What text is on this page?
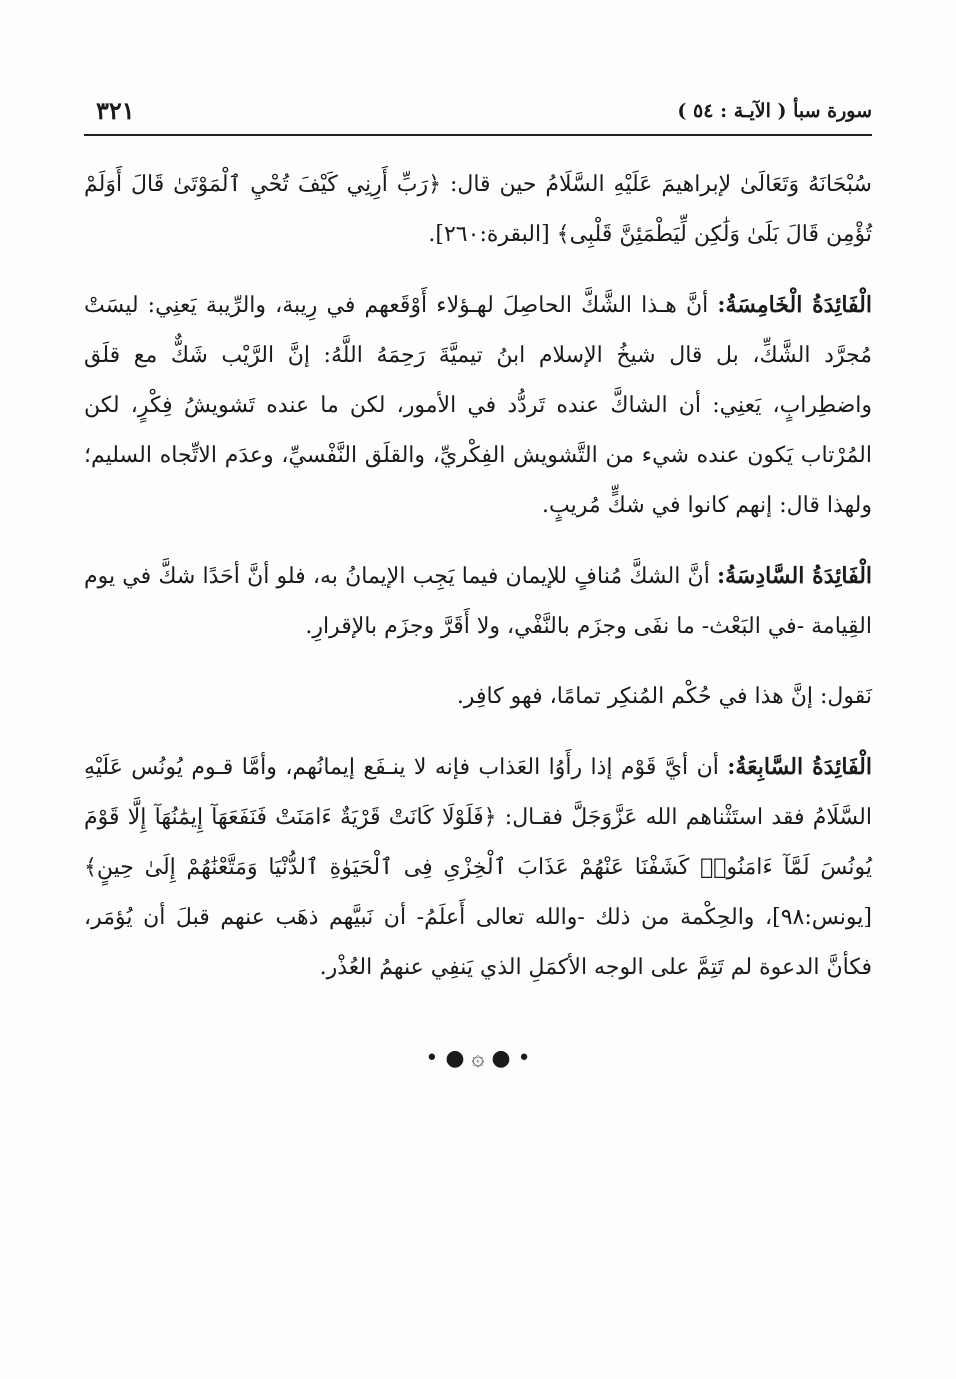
سورة سبأ ( الآيـة : ٥٤ )
٣٢١

سُبْحَانَهُ وَتَعَالَىٰ لإبراهيمَ عَلَيْهِ السَّلَامُ حين قال: ﴿رَبِّ أَرِنِي كَيْفَ تُحْيِ ٱلْمَوْتَىٰ قَالَ أَوَلَمْ تُؤْمِن قَالَ بَلَىٰ وَلَٰكِن لِّيَطْمَئِنَّ قَلْبِى﴾ [البقرة:٢٦٠].

الْفَائِدَةُ الْخَامِسَةُ: أنَّ هـذا الشَّكَّ الحاصِلَ لهـؤلاء أَوْقَعهم في رِيبة، والرِّيبة يَعنِي: ليسَتْ مُجرَّد الشَّكِّ، بل قال شيخُ الإسلام ابنُ تيميَّةَ رَحِمَهُ اللَّهُ: إنَّ الرَّيْب شَكٌّ مع قلَق واضطِرابٍ، يَعنِي: أن الشاكَّ عنده تَردُّد في الأمور، لكن ما عنده تَشويشُ فِكْرٍ، لكن المُرْتاب يَكون عنده شيء من التَّشويش الفِكْريِّ، والقلَق النَّفْسيِّ، وعدَم الاتِّجاه السليم؛ ولهذا قال: إنهم كانوا في شكٍّ مُريبٍ.

الْفَائِدَةُ السَّادِسَةُ: أنَّ الشكَّ مُنافٍ للإيمان فيما يَجِب الإيمانُ به، فلو أنَّ أحَدًا شكَّ في يوم القِيامة -في البَعْث- ما نفَى وجزَم بالنَّفْي، ولا أَقَرَّ وجزَم بالإقرارِ.

نَقول: إنَّ هذا في حُكْم المُنكِر تمامًا، فهو كافِر.

الْفَائِدَةُ السَّابِعَةُ: أن أيَّ قَوْم إذا رأَوُا العَذاب فإنه لا ينـفَع إيمانُهم، وأمَّا قـوم يُونُس عَلَيْهِ السَّلَامُ فقد استَثْناهم الله عَزَّوَجَلَّ فقـال: ﴿فَلَوْلَا كَانَتْ قَرْيَةٌ ءَامَنَتْ فَنَفَعَهَآ إِيمَٰنُهَآ إِلَّا قَوْمَ يُونُسَ لَمَّآ ءَامَنُوا۟ كَشَفْنَا عَنْهُمْ عَذَابَ ٱلْخِزْىِ فِى ٱلْحَيَوٰةِ ٱلدُّنْيَا وَمَتَّعْنَٰهُمْ إِلَىٰ حِينٍ﴾ [يونس:٩٨]، والحِكْمة من ذلك -والله تعالى أَعلَمُ- أن نَبيَّهم ذهَب عنهم قبلَ أن يُؤمَر، فكأنَّ الدعوة لم تَتِمَّ على الوجه الأكمَلِ الذي يَنفِي عنهمُ العُذْر.

• ● ۞ ● •
